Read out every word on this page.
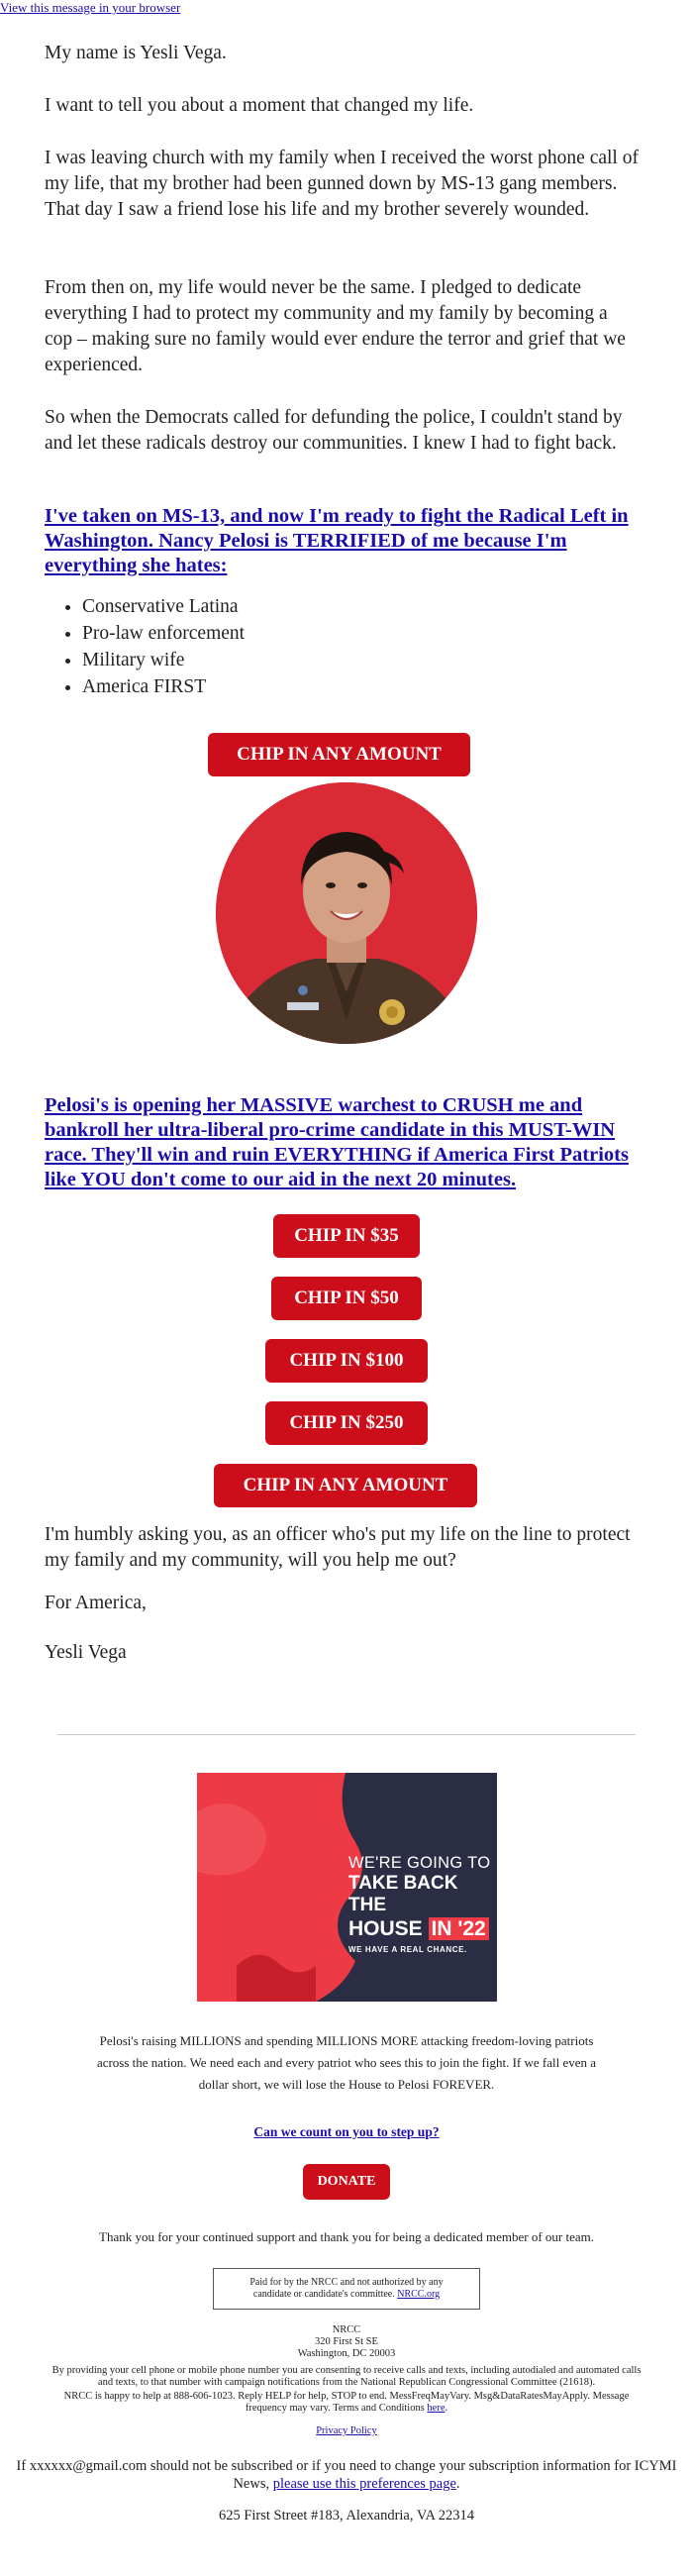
View this message in your browser

My name is Yesli Vega.

I want to tell you about a moment that changed my life.

I was leaving church with my family when I received the worst phone call of my life, that my brother had been gunned down by MS-13 gang members. That day I saw a friend lose his life and my brother severely wounded.

From then on, my life would never be the same. I pledged to dedicate everything I had to protect my community and my family by becoming a cop – making sure no family would ever endure the terror and grief that we experienced.

So when the Democrats called for defunding the police, I couldn't stand by and let these radicals destroy our communities. I knew I had to fight back.

I've taken on MS-13, and now I'm ready to fight the Radical Left in Washington. Nancy Pelosi is TERRIFIED of me because I'm everything she hates:

• Conservative Latina
• Pro-law enforcement
• Military wife
• America FIRST
CHIP IN ANY AMOUNT

Pelosi's is opening her MASSIVE warchest to CRUSH me and bankroll her ultra-liberal pro-crime candidate in this MUST-WIN race. They'll win and ruin EVERYTHING if America First Patriots like YOU don't come to our aid in the next 20 minutes.

CHIP IN $35
CHIP IN $50
CHIP IN $100
CHIP IN $250
CHIP IN ANY AMOUNT

I'm humbly asking you, as an officer who's put my life on the line to protect my family and my community, will you help me out?

For America,

Yesli Vega

WE'RE GOING TO
TAKE BACK THE
HOUSE IN '22
WE HAVE A REAL CHANCE.
Pelosi's raising MILLIONS and spending MILLIONS MORE attacking freedom-loving patriots across the nation. We need each and every patriot who sees this to join the fight. If we fall even a dollar short, we will lose the House to Pelosi FOREVER.
Can we count on you to step up?
DONATE
Thank you for your continued support and thank you for being a dedicated member of our team.
Paid for by the NRCC and not authorized by any
candidate or candidate's committee. NRCC.org
NRCC
320 First St SE
Washington, DC 20003
By providing your cell phone or mobile phone number you are consenting to receive calls and texts, including autodialed and automated calls and texts, to that number with campaign notifications from the National Republican Congressional Committee (21618).
NRCC is happy to help at 888-606-1023. Reply HELP for help, STOP to end. MessFreqMayVary. Msg&DataRatesMayApply. Message frequency may vary. Terms and Conditions here.
Privacy Policy
If xxxxxx@gmail.com should not be subscribed or if you need to change your subscription information for ICYMI News, please use this preferences page.
625 First Street #183, Alexandria, VA 22314
